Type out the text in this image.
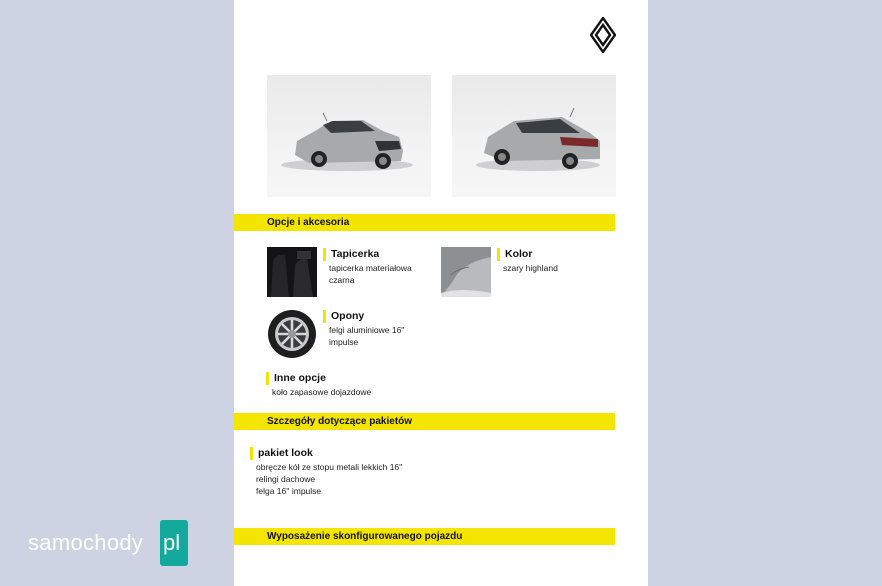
Opcje i akcesoria
Szczegóły dotyczące pakietów
Wyposażenie skonfigurowanego pojazdu
Tapicerka
tapicerka materiałowa
czarna
Kolor
szary highland
Opony
felgi aluminiowe 16"
impulse
Inne opcje
koło zapasowe dojazdowe
pakiet look
obręcze kół ze stopu metali lekkich 16''
relingi dachowe
felga 16'' impulse
samochody pl
